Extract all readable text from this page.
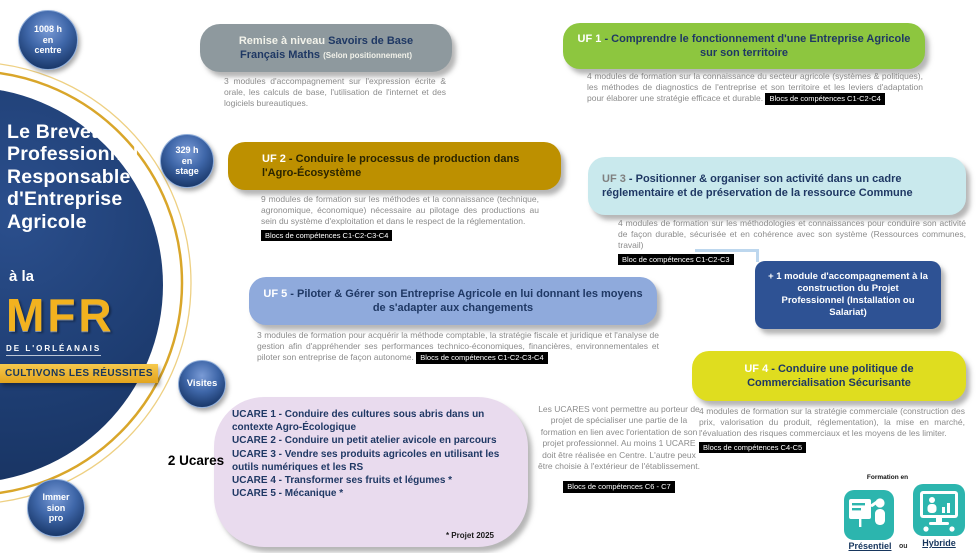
1008 h
en
centre
329 h
en
stage
Visites
Immer
sion
pro
Le Brevet Professionnel Responsable d'Entreprise Agricole
à la
MFR
DE L'ORLÉANAIS
CULTIVONS LES RÉUSSITES
Remise à niveau Savoirs de Base
Français Maths (Selon positionnement)
3 modules d'accompagnement sur l'expression écrite & orale, les calculs de base, l'utilisation de l'internet et des logiciels bureautiques.
UF 1 - Comprendre le fonctionnement d'une Entreprise Agricole sur son territoire
4 modules de formation sur la connaissance du secteur agricole (systèmes & politiques), les méthodes de diagnostics de l'entreprise et son territoire et les leviers d'adaptation pour élaborer une stratégie efficace et durable. Blocs de compétences C1-C2-C4
UF 2 - Conduire le processus de production dans l'Agro-Écosystème
9 modules de formation sur les méthodes et la connaissance (technique, agronomique, économique) nécessaire au pilotage des productions au sein du système d'exploitation et dans le respect de la réglementation.
Blocs de compétences C1-C2-C3-C4
UF 3 - Positionner & organiser son activité dans un cadre réglementaire et de préservation de la ressource Commune
4 modules de formation sur les méthodologies et connaissances pour conduire son activité de façon durable, sécurisée et en cohérence avec son système (Ressources communes, travail)
Bloc de compétences C1-C2-C3
+ 1 module d'accompagnement à la construction du Projet Professionnel (Installation ou Salariat)
UF 5 - Piloter & Gérer son Entreprise Agricole en lui donnant les moyens de s'adapter aux changements
3 modules de formation pour acquérir la méthode comptable, la stratégie fiscale et juridique et l'analyse de gestion afin d'appréhender ses performances technico-économiques, financières, environnementales et piloter son entreprise de façon autonome. Blocs de compétences C1-C2-C3-C4
UF 4 - Conduire une politique de Commercialisation Sécurisante
4 modules de formation sur la stratégie commerciale (construction des prix, valorisation du produit, réglementation), la mise en marché, l'évaluation des risques commerciaux et les moyens de les limiter.
Blocs de compétences C4-C5
2 Ucares
UCARE 1 - Conduire des cultures sous abris dans un contexte Agro-Écologique
UCARE 2 - Conduire un petit atelier avicole en parcours
UCARE 3 - Vendre ses produits agricoles en utilisant les outils numériques et les RS
UCARE 4 - Transformer ses fruits et légumes *
UCARE 5 - Mécanique *
* Projet 2025
Les UCARES vont permettre au porteur de projet de spécialiser une partie de la formation en lien avec l'orientation de son projet professionnel. Au moins 1 UCARE doit être réalisée en Centre. L'autre peux être choisie à l'extérieur de l'établissement.
Blocs de compétences C6 - C7
Formation en
Présentiel	ou	Hybride
